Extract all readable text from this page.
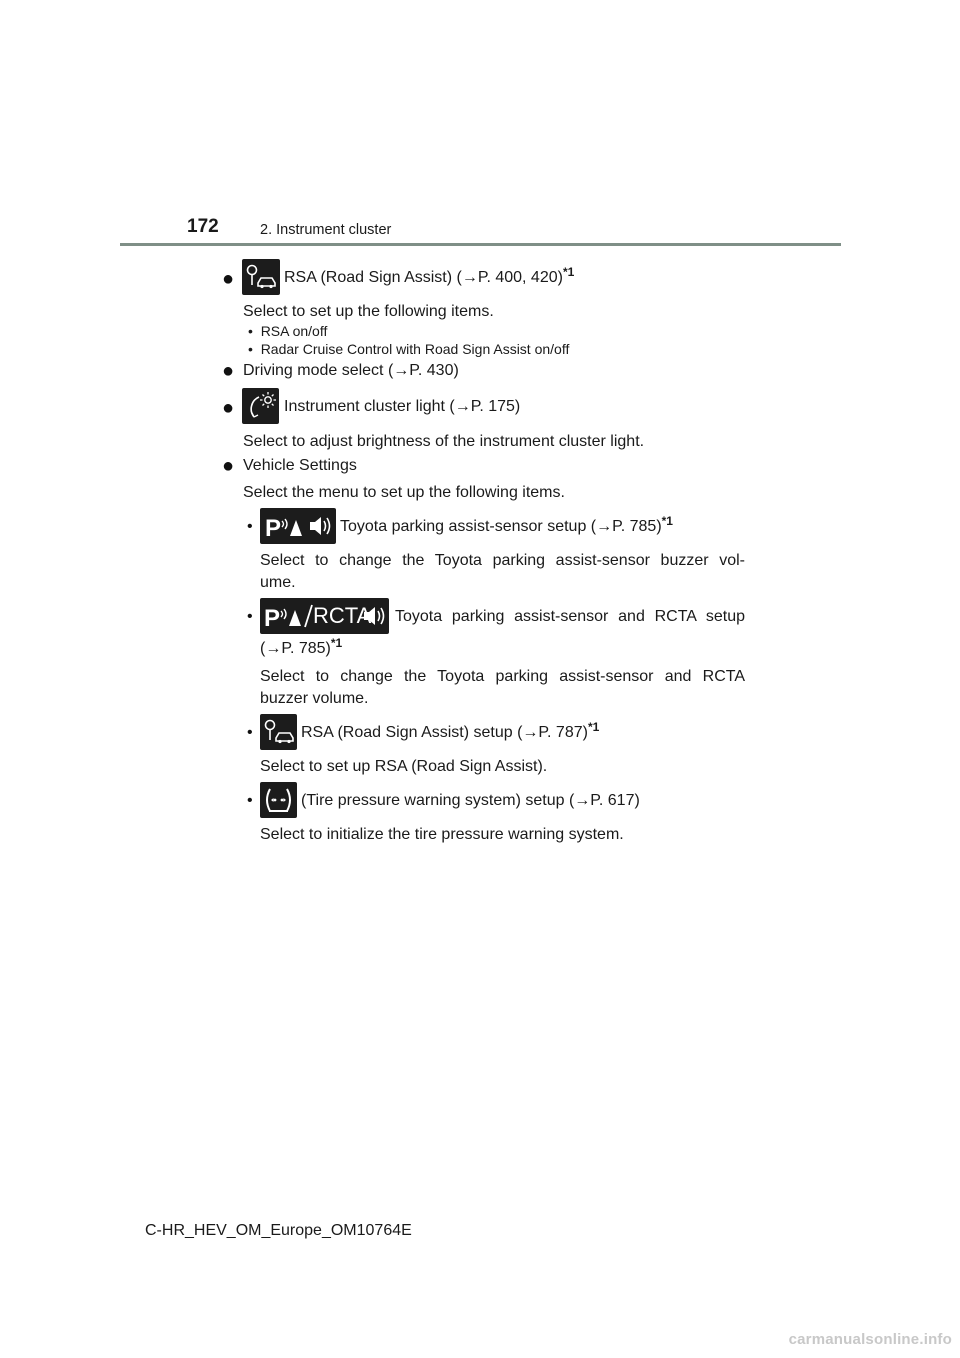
172	2. Instrument cluster
●	RSA (Road Sign Assist) (→P. 400, 420)$^{*1}$
Select to set up the following items.
•  RSA on/off
•  Radar Cruise Control with Road Sign Assist on/off
● Driving mode select (→P. 430)
●	Instrument cluster light (→P. 175)
Select to adjust brightness of the instrument cluster light.
● Vehicle Settings
Select the menu to set up the following items.
• P	Toyota parking assist-sensor setup (→P. 785)$^{*1}$
Select to change the Toyota parking assist-sensor buzzer vol-
ume.
• P RCTA Toyota parking assist-sensor and RCTA setup
(→P. 785)$^{*1}$
Select to change the Toyota parking assist-sensor and RCTA
buzzer volume.
•	RSA (Road Sign Assist) setup (→P. 787)$^{*1}$
Select to set up RSA (Road Sign Assist).
•	(Tire pressure warning system) setup (→P. 617)
Select to initialize the tire pressure warning system.
C-HR_HEV_OM_Europe_OM10764E
carmanualsonline.info
